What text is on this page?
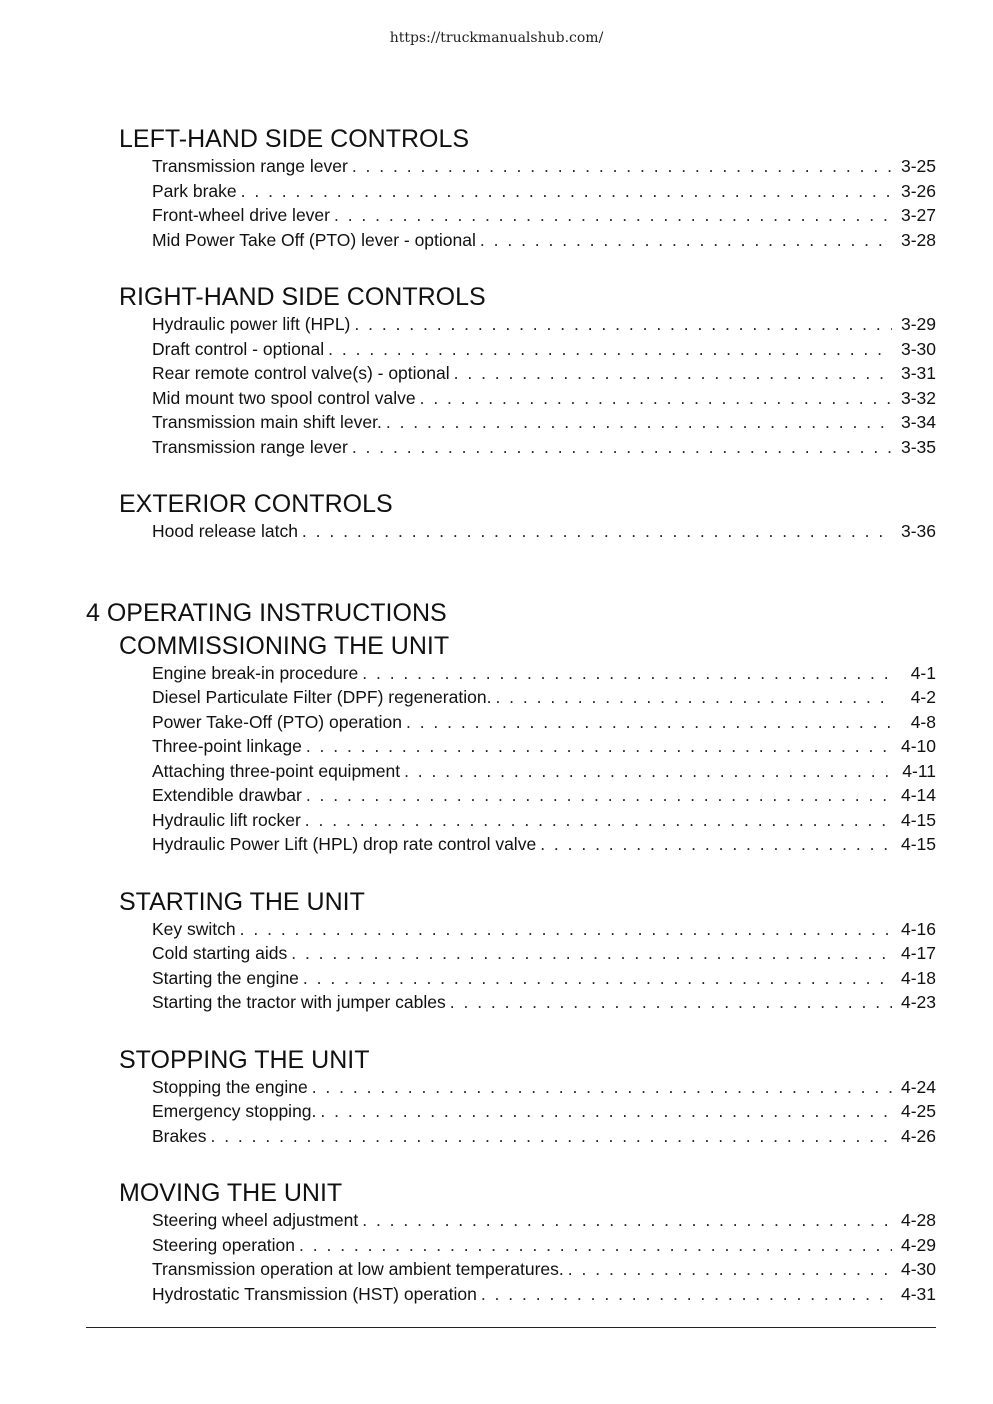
https://truckmanualshub.com/
LEFT-HAND SIDE CONTROLS
Transmission range lever . . .	3-25
Park brake . . .	3-26
Front-wheel drive lever . . .	3-27
Mid Power Take Off (PTO) lever - optional . . .	3-28
RIGHT-HAND SIDE CONTROLS
Hydraulic power lift (HPL) . . .	3-29
Draft control - optional . . .	3-30
Rear remote control valve(s) - optional . . .	3-31
Mid mount two spool control valve . . .	3-32
Transmission main shift lever. . . .	3-34
Transmission range lever . . .	3-35
EXTERIOR CONTROLS
Hood release latch . . .	3-36
4 OPERATING INSTRUCTIONS
COMMISSIONING THE UNIT
Engine break-in procedure . . .	4-1
Diesel Particulate Filter (DPF) regeneration. . . .	4-2
Power Take-Off (PTO) operation . . .	4-8
Three-point linkage . . .	4-10
Attaching three-point equipment . . .	4-11
Extendible drawbar . . .	4-14
Hydraulic lift rocker . . .	4-15
Hydraulic Power Lift (HPL) drop rate control valve . . .	4-15
STARTING THE UNIT
Key switch . . .	4-16
Cold starting aids . . .	4-17
Starting the engine . . .	4-18
Starting the tractor with jumper cables . . .	4-23
STOPPING THE UNIT
Stopping the engine . . .	4-24
Emergency stopping. . . .	4-25
Brakes . . .	4-26
MOVING THE UNIT
Steering wheel adjustment . . .	4-28
Steering operation . . .	4-29
Transmission operation at low ambient temperatures. . . .	4-30
Hydrostatic Transmission (HST) operation . . .	4-31
